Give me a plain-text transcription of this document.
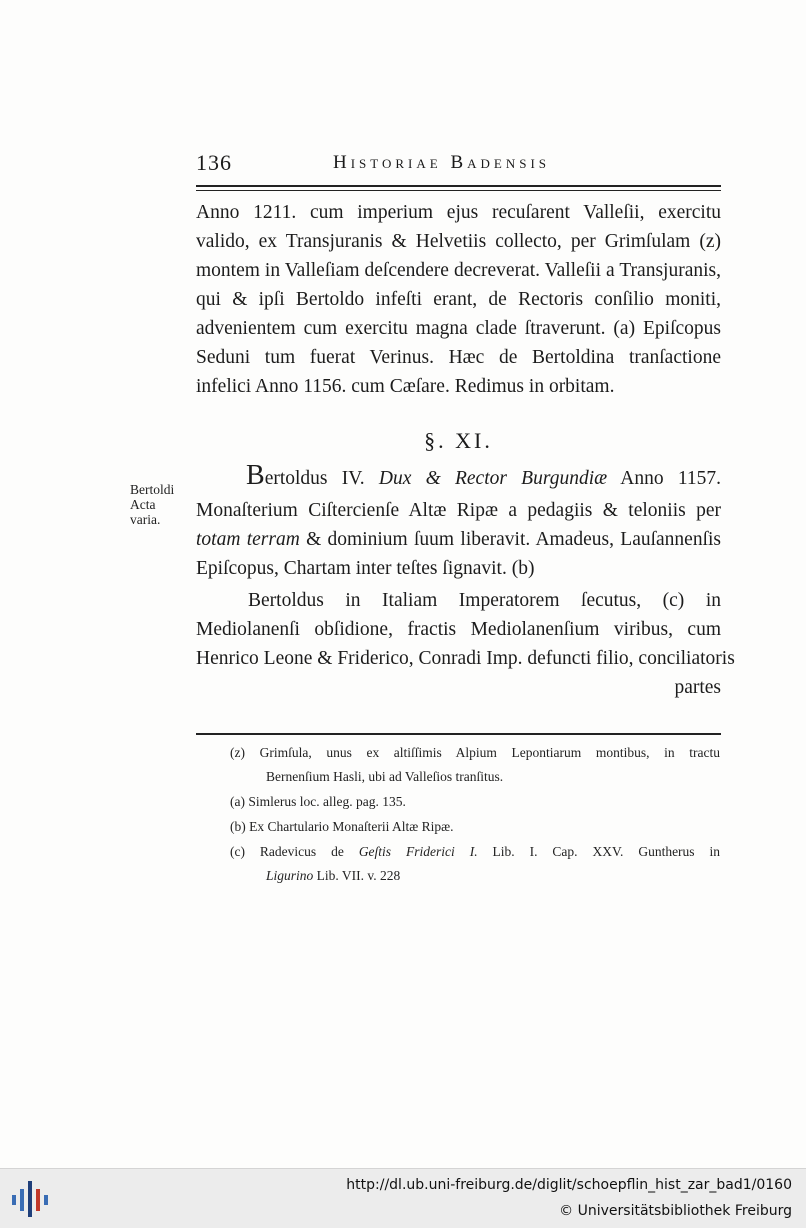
136	Historiae Badensis
Anno 1211. cum imperium ejus recuſarent Valleſii, exercitu
valido, ex Transjuranis & Helvetiis collecto, per Grimſulam (z)
montem in Valleſiam deſcendere decreverat. Valleſii a Transjuranis,
qui & ipſi Bertoldo infeſti erant, de Rectoris conſilio moniti,
advenientem cum exercitu magna clade ſtraverunt. (a) Epiſcopus
Seduni tum fuerat Verinus. Hæc de Bertoldina tranſactione
infelici Anno 1156. cum Cæſare. Redimus in orbitam.
§. XI.
Bertoldi
Acta
varia.
Bertoldus IV. Dux & Rector Burgundiæ Anno 1157.
Monaſterium Ciſtercienſe Altæ Ripæ a pedagiis & teloniis per
totam terram & dominium ſuum liberavit. Amadeus, Lauſannenſis
Epiſcopus, Chartam inter teſtes ſignavit. (b)
Bertoldus in Italiam Imperatorem ſecutus, (c) in
Mediolanenſi obſidione, fractis Mediolanenſium viribus, cum
Henrico Leone & Friderico, Conradi Imp. defuncti filio, conciliatoris
partes
(z) Grimſula, unus ex altiſſimis Alpium Lepontiarum montibus, in tractu
Bernenſium Hasli, ubi ad Valleſios tranſitus.
(a) Simlerus loc. alleg. pag. 135.
(b) Ex Chartulario Monaſterii Altæ Ripæ.
(c) Radevicus de Geſtis Friderici I. Lib. I. Cap. XXV. Guntherus in
Ligurino Lib. VII. v. 228
http://dl.ub.uni-freiburg.de/diglit/schoepflin_hist_zar_bad1/0160
© Universitätsbibliothek Freiburg
